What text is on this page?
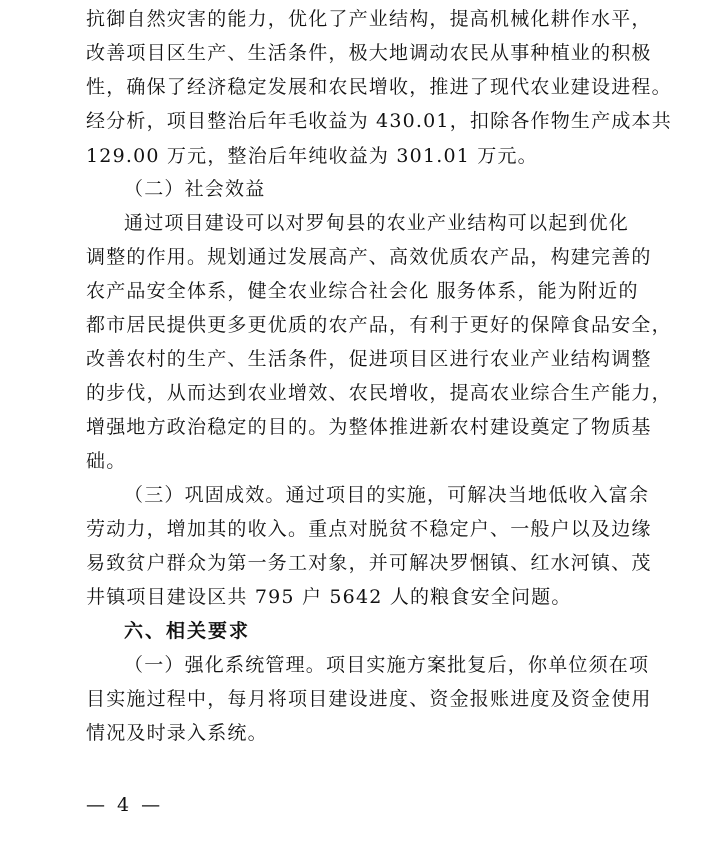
抗御自然灾害的能力，优化了产业结构，提高机械化耕作水平，
改善项目区生产、生活条件，极大地调动农民从事种植业的积极
性，确保了经济稳定发展和农民增收，推进了现代农业建设进程。
经分析，项目整治后年毛收益为 430.01，扣除各作物生产成本共
129.00 万元，整治后年纯收益为 301.01 万元。
（二）社会效益
通过项目建设可以对罗甸县的农业产业结构可以起到优化
调整的作用。规划通过发展高产、高效优质农产品，构建完善的
农产品安全体系，健全农业综合社会化 服务体系，能为附近的
都市居民提供更多更优质的农产品，有利于更好的保障食品安全，
改善农村的生产、生活条件，促进项目区进行农业产业结构调整
的步伐，从而达到农业增效、农民增收，提高农业综合生产能力，
增强地方政治稳定的目的。为整体推进新农村建设奠定了物质基
础。
（三）巩固成效。通过项目的实施，可解决当地低收入富余
劳动力，增加其的收入。重点对脱贫不稳定户、一般户以及边缘
易致贫户群众为第一务工对象，并可解决罗悃镇、红水河镇、茂
井镇项目建设区共 795 户 5642 人的粮食安全问题。
六、相关要求
（一）强化系统管理。项目实施方案批复后，你单位须在项
目实施过程中，每月将项目建设进度、资金报账进度及资金使用
情况及时录入系统。
— 4 —
